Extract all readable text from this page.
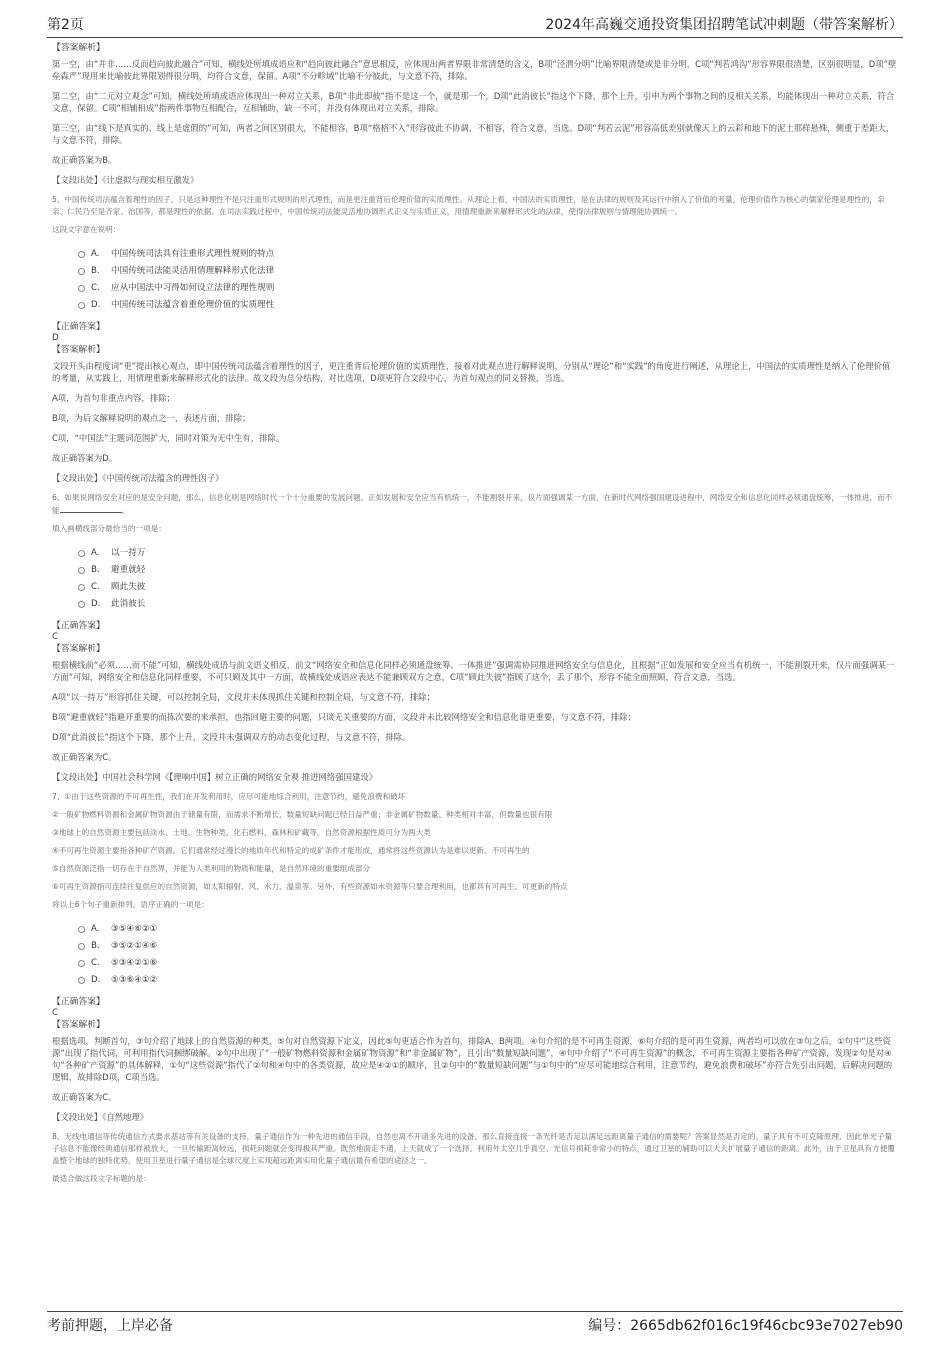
第2页	2024年高巍交通投资集团招聘笔试冲刺题（带答案解析）
【答案解析】

第一空，由“并非……反而趋向彼此融合”可知，横线处所填成语应和“趋向彼此融合”意思相反，应体现出两者界限非常清楚的含义，B项“泾渭分明”比喻界限清楚或是非分明，C项“判若鸿沟”形容界限很清楚，区别很明显，D项“壁垒森严”现用来比喻彼此界限划得很分明，均符合文意，保留。A项“不分畛域”比喻不分彼此，与文意不符，排除。

第二空，由“二元对立观念”可知，横线处所填成语应体现出一种对立关系，B项“非此即彼”指不是这一个，就是那一个，D项“此消彼长”指这个下降，那个上升，引申为两个事物之间的反相关关系，均能体现出一种对立关系，符合文意，保留。C项“相辅相成”指两件事物互相配合，互相辅助，缺一不可，并没有体现出对立关系，排除。

第三空，由“线下是真实的、线上是虚假的”可知，两者之间区别很大，不能相容，B项“格格不入”形容彼此不协调，不相容，符合文意，当选。D项“判若云泥”形容高低差别就像天上的云彩和地下的泥土那样悬殊，侧重于差距大，与文意不符，排除。

故正确答案为B。

【文段出处】《让虚拟与现实相互激发》

5、中国传统司法蕴含着理性的因子，只是这种理性不是只注重形式规则的形式理性，而是更注重背后伦理价值的实质理性。从理论上看，中国法的实质理性，是在法律的规则及其运行中纳入了价值的考量，伦理价值作为核心的儒家伦理是理性的，亲亲、仁民乃至是齐家、治国等，都是理性的依据。在司法实践过程中，中国传统司法能灵活地协调形式正义与实质正义，用情理重新来解释形式化的法律，使得法律规则与情理能协调统一。
这段文字意在说明：
A.	中国传统司法具有注重形式理性规则的特点
B.	中国传统司法能灵活用情理解释形式化法律
C.	应从中国法中习得如何设立法律的理性规则
D.	中国传统司法蕴含着重伦理价值的实质理性
【正确答案】
D
【答案解析】

文段开头由程度词“更”提出核心观点，即中国传统司法蕴含着理性的因子，更注重背后伦理价值的实质理性，接着对此观点进行解释说明，分别从“理论”和“实践”的角度进行阐述，从理论上，中国法的实质理性是纳入了伦理价值的考量，从实践上，用情理重新来解释形式化的法律。故文段为总分结构，对比选项，D项更符合文段中心，为首句观点的同义替换，当选。

A项，为首句非重点内容，排除；

B项，为后文解释说明的观点之一，表述片面，排除；

C项，“中国法”主题词范围扩大，同时对策为无中生有，排除。

故正确答案为D。

【文段出处】《中国传统司法蕴含的理性因子》

6、如果说网络安全对应的是安全问题，那么，信息化则是网络时代一个十分重要的发展问题。正如发展和安全应当有机统一，不能割裂开来，仅片面强调某一方面，在新时代网络强国建设进程中，网络安全和信息化同样必须通盘统筹，一体推进，而不能	。
填入画横线部分最恰当的一项是：
A.	以一持万
B.	避重就轻
C.	顾此失彼
D.	此消彼长
【正确答案】
C
【答案解析】

根据横线前“必须……而不能”可知，横线处成语与前文语义相反，前文“网络安全和信息化同样必须通盘统筹、一体推进”强调需协同推进网络安全与信息化，且根据“正如发展和安全应当有机统一，不能割裂开来，仅片面强调某一方面”可知，网络安全和信息化同样重要，不可只顾及其中一方面，故横线处成语应表达不能兼顾双方之意，C项“顾此失彼”指顾了这个，丢了那个，形容不能全面照顾，符合文意，当选。

A项“以一持万”形容抓住关键，可以控制全局，文段并未体现抓住关键和控制全局，与文意不符，排除；

B项“避重就轻”指避开重要的而拣次要的来承担，也指回避主要的问题，只谈无关重要的方面，文段并未比较网络安全和信息化谁更重要，与文意不符，排除；

D项“此消彼长”指这个下降，那个上升，文段并未强调双方的动态变化过程，与文意不符，排除。

故正确答案为C。

【文段出处】中国社会科学网《【理响中国】树立正确的网络安全观 推进网络强国建设》

7、①由于这些资源的不可再生性，我们在开发利用时，应尽可能地综合利用，注意节约，避免浪费和破坏
②一般矿物燃料资源和金属矿物资源由于储量有限，而需求不断增长，数量短缺问题已经日益严重；非金属矿物数量、种类相对丰富，但数量也很有限
③地球上的自然资源主要包括淡水、土地、生物种类、化石燃料、森林和矿藏等。自然资源根据性质可分为两大类
④不可再生资源主要指各种矿产资源。它们通常经过漫长的地质年代和特定的成矿条件才能形成，通常将这些资源认为是难以更新、不可再生的
⑤自然资源泛指一切存在于自然界，并能为人类利用的物质和能量，是自然环境的重要组成部分
⑥可再生资源指可连续往复供应的自然资源，如太阳辐射、风、水力、温泉等。另外，有些资源如水资源等只要合理利用，也都具有可再生、可更新的特点
将以上6个句子重新排列，语序正确的一项是：
A.	③⑤④⑥②①
B.	③⑤②①④⑥
C.	⑤③④②①⑥
D.	⑤③⑥④①②
【正确答案】
C
【答案解析】

根据选项，判断首句，③句介绍了地球上的自然资源的种类，⑤句对自然资源下定义，因此⑤句更适合作为首句，排除A、B两项。④句介绍的是不可再生资源，⑥句介绍的是可再生资源，两者均可以放在③句之后，①句中“这些资源”出现了指代词，可利用指代词捆绑破解。②句中出现了“一般矿物燃料资源和金属矿物资源”和“非金属矿物”，且引出“数量短缺问题”，④句中介绍了“不可再生资源”的概念，不可再生资源主要指各种矿产资源，发现②句是对④句“各种矿产资源”的具体解释，①句“这些资源”指代了②句和④句中的各类资源，故应是④②①的顺序，且②句中的“数量短缺问题”与①句中的“应尽可能地综合利用，注意节约，避免浪费和破坏”亦符合先引出问题，后解决问题的逻辑，故排除D项，C项当选。

故正确答案为C。

【文段出处】《自然地理》

8、无线电通信等传统通信方式要求基站等有关设备的支持，量子通信作为一种先进的通信手段，自然也离不开诸多先进的设备。那么直接连接一条光纤是否足以满足远距离量子通信的需要呢？答案显然是否定的。量子具有不可克隆原理，因此单光子量子信息不能像经典通信那样被放大，一旦传输距离较远，损耗问题就会变得极其严重。既然地面走不通，上天就成了一个选择。利用外太空几乎真空、光信号损耗非常小的特点，通过卫星的辅助可以大大扩展量子通信的距离。此外，由于卫星具有方便覆盖整个地球的独特优势，使用卫星进行量子通信是全球尺度上实现超远距离实用化量子通信最有希望的途径之一。
最适合做这段文字标题的是：
考前押题，上岸必备	编号：2665db62f016c19f46cbc93e7027eb90
